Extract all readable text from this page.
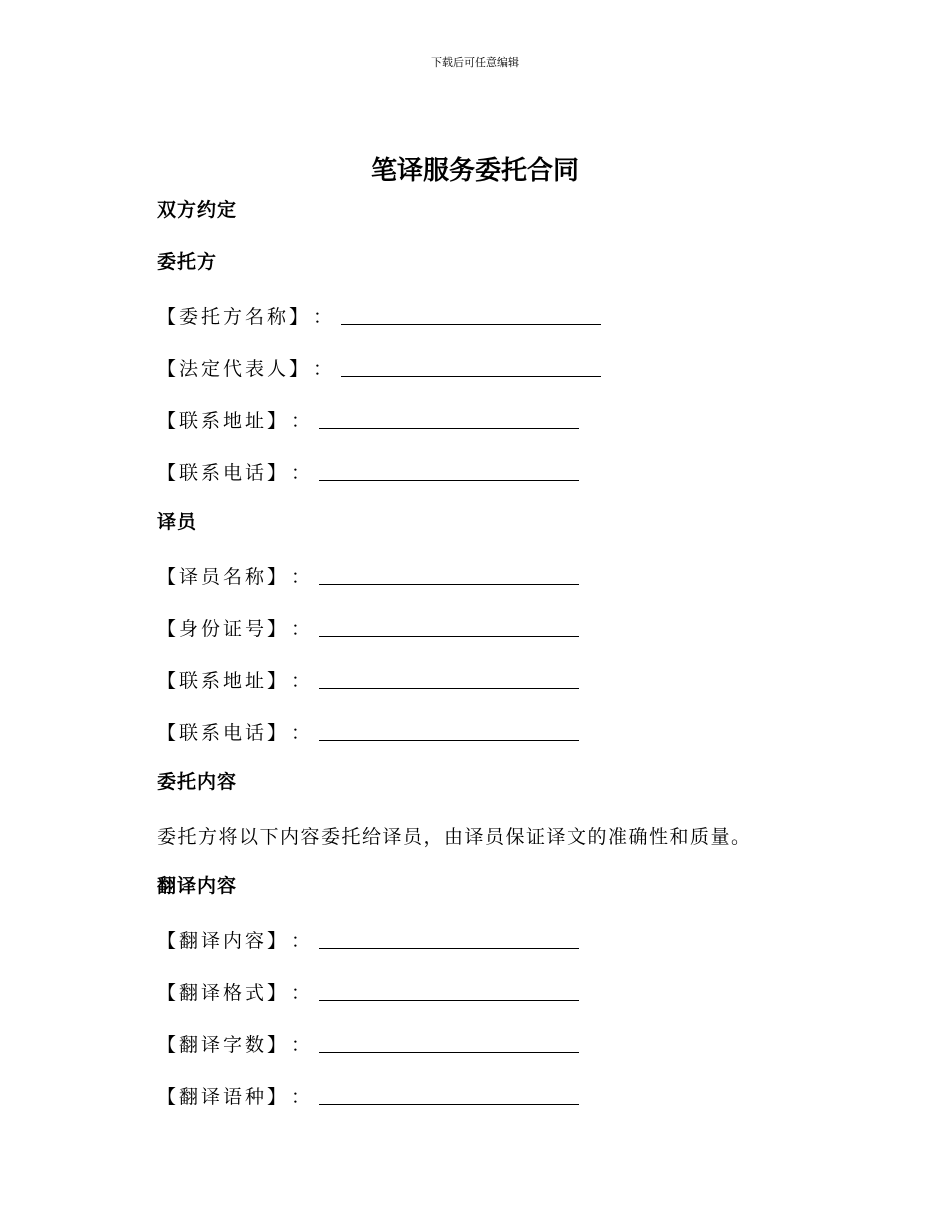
下载后可任意编辑
笔译服务委托合同
双方约定
委托方
【委托方名称】 ：
【法定代表人】 ：
【联系地址】 ：
【联系电话】 ：
译员
【译员名称】 ：
【身份证号】 ：
【联系地址】 ：
【联系电话】 ：
委托内容
委托方将以下内容委托给译员，由译员保证译文的准确性和质量。
翻译内容
【翻译内容】 ：
【翻译格式】 ：
【翻译字数】 ：
【翻译语种】 ：
